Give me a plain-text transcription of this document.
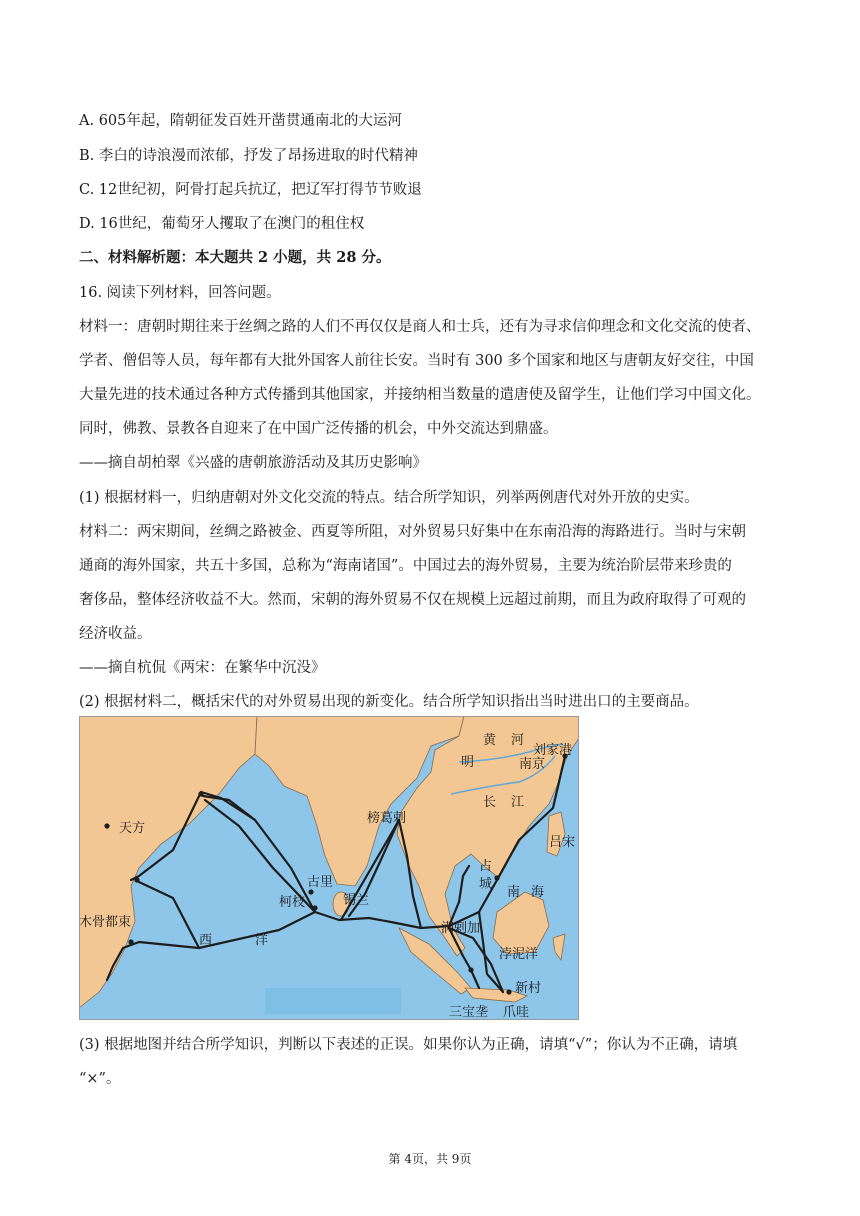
A. 605年起，隋朝征发百姓开凿贯通南北的大运河
B. 李白的诗浪漫而浓郁，抒发了昂扬进取的时代精神
C. 12世纪初，阿骨打起兵抗辽，把辽军打得节节败退
D. 16世纪，葡萄牙人攫取了在澳门的租住权
二、材料解析题：本大题共 2 小题，共 28 分。
16. 阅读下列材料，回答问题。
材料一：唐朝时期往来于丝绸之路的人们不再仅仅是商人和士兵，还有为寻求信仰理念和文化交流的使者、
学者、僧侣等人员，每年都有大批外国客人前往长安。当时有 300 多个国家和地区与唐朝友好交往，中国
大量先进的技术通过各种方式传播到其他国家，并接纳相当数量的遣唐使及留学生，让他们学习中国文化。
同时，佛教、景教各自迎来了在中国广泛传播的机会，中外交流达到鼎盛。
——摘自胡柏翠《兴盛的唐朝旅游活动及其历史影响》
(1) 根据材料一，归纳唐朝对外文化交流的特点。结合所学知识，列举两例唐代对外开放的史实。
材料二：两宋期间，丝绸之路被金、西夏等所阻，对外贸易只好集中在东南沿海的海路进行。当时与宋朝
通商的海外国家，共五十多国，总称为“海南诸国”。中国过去的海外贸易，主要为统治阶层带来珍贵的
奢侈品，整体经济收益不大。然而，宋朝的海外贸易不仅在规模上远超过前期，而且为政府取得了可观的
经济收益。
——摘自杭侃《两宋：在繁华中沉没》
(2) 根据材料二，概括宋代的对外贸易出现的新变化。结合所学知识指出当时进出口的主要商品。
黄 河
明
刘家港
南京
长 江
天方
榜葛剌
吕宋
占
城
南 海
古里
柯枝	锡兰
木骨都束
西	洋
满剌加
浡泥洋
新村
三宝垄 爪哇
(3) 根据地图并结合所学知识，判断以下表述的正误。如果你认为正确，请填“√”；你认为不正确，请填
“×”。
第 4页，共 9页
